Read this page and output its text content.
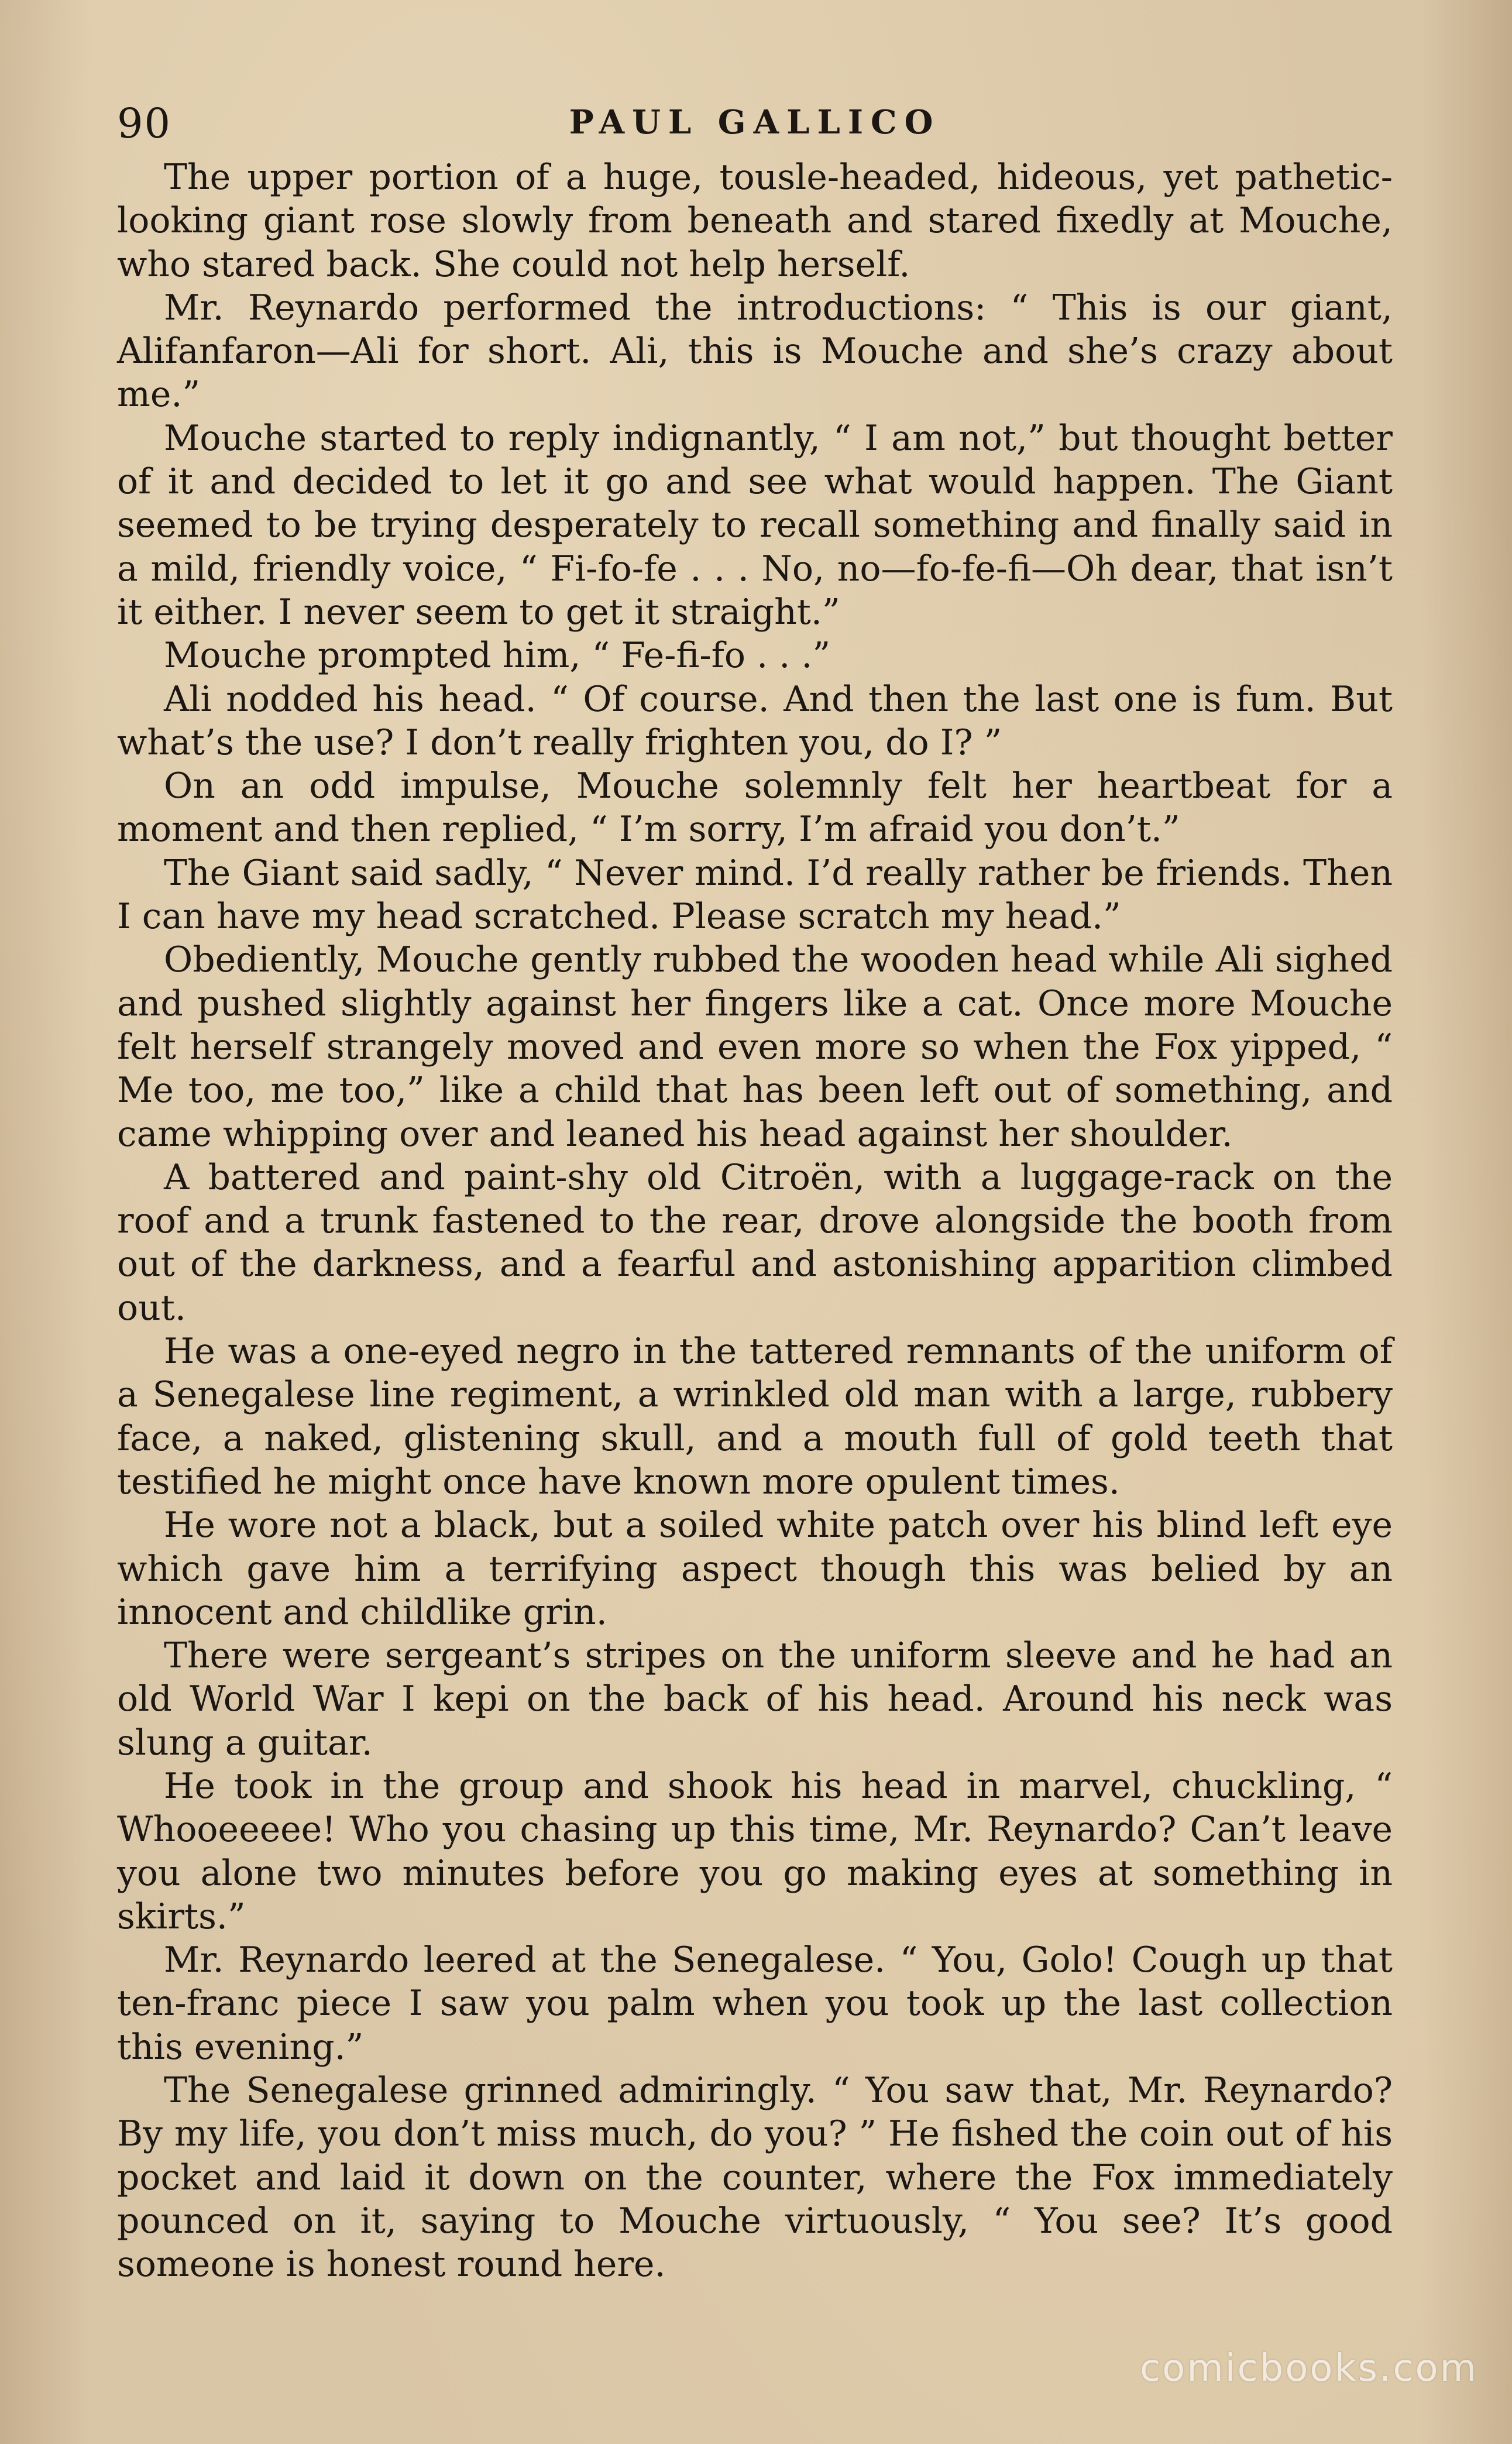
90	PAUL GALLICO

The upper portion of a huge, tousle-headed, hideous, yet pathetic-looking giant rose slowly from beneath and stared fixedly at Mouche, who stared back. She could not help herself.

Mr. Reynardo performed the introductions: “ This is our giant, Alifanfaron—Ali for short. Ali, this is Mouche and she’s crazy about me.”

Mouche started to reply indignantly, “ I am not,” but thought better of it and decided to let it go and see what would happen. The Giant seemed to be trying desperately to recall something and finally said in a mild, friendly voice, “ Fi-fo-fe . . . No, no—fo-fe-fi—Oh dear, that isn’t it either. I never seem to get it straight.”

Mouche prompted him, “ Fe-fi-fo . . .”

Ali nodded his head. “ Of course. And then the last one is fum. But what’s the use? I don’t really frighten you, do I? ”

On an odd impulse, Mouche solemnly felt her heartbeat for a moment and then replied, “ I’m sorry, I’m afraid you don’t.”

The Giant said sadly, “ Never mind. I’d really rather be friends. Then I can have my head scratched. Please scratch my head.”

Obediently, Mouche gently rubbed the wooden head while Ali sighed and pushed slightly against her fingers like a cat. Once more Mouche felt herself strangely moved and even more so when the Fox yipped, “ Me too, me too,” like a child that has been left out of something, and came whipping over and leaned his head against her shoulder.

A battered and paint-shy old Citroën, with a luggage-rack on the roof and a trunk fastened to the rear, drove alongside the booth from out of the darkness, and a fearful and astonishing apparition climbed out.

He was a one-eyed negro in the tattered remnants of the uniform of a Senegalese line regiment, a wrinkled old man with a large, rubbery face, a naked, glistening skull, and a mouth full of gold teeth that testified he might once have known more opulent times.

He wore not a black, but a soiled white patch over his blind left eye which gave him a terrifying aspect though this was belied by an innocent and childlike grin.

There were sergeant’s stripes on the uniform sleeve and he had an old World War I kepi on the back of his head. Around his neck was slung a guitar.

He took in the group and shook his head in marvel, chuckling, “ Whooeeeee! Who you chasing up this time, Mr. Reynardo? Can’t leave you alone two minutes before you go making eyes at something in skirts.”

Mr. Reynardo leered at the Senegalese. “ You, Golo! Cough up that ten-franc piece I saw you palm when you took up the last collection this evening.”

The Senegalese grinned admiringly. “ You saw that, Mr. Reynardo? By my life, you don’t miss much, do you? ” He fished the coin out of his pocket and laid it down on the counter, where the Fox immediately pounced on it, saying to Mouche virtuously, “ You see? It’s good someone is honest round here.

comicbooks.com
